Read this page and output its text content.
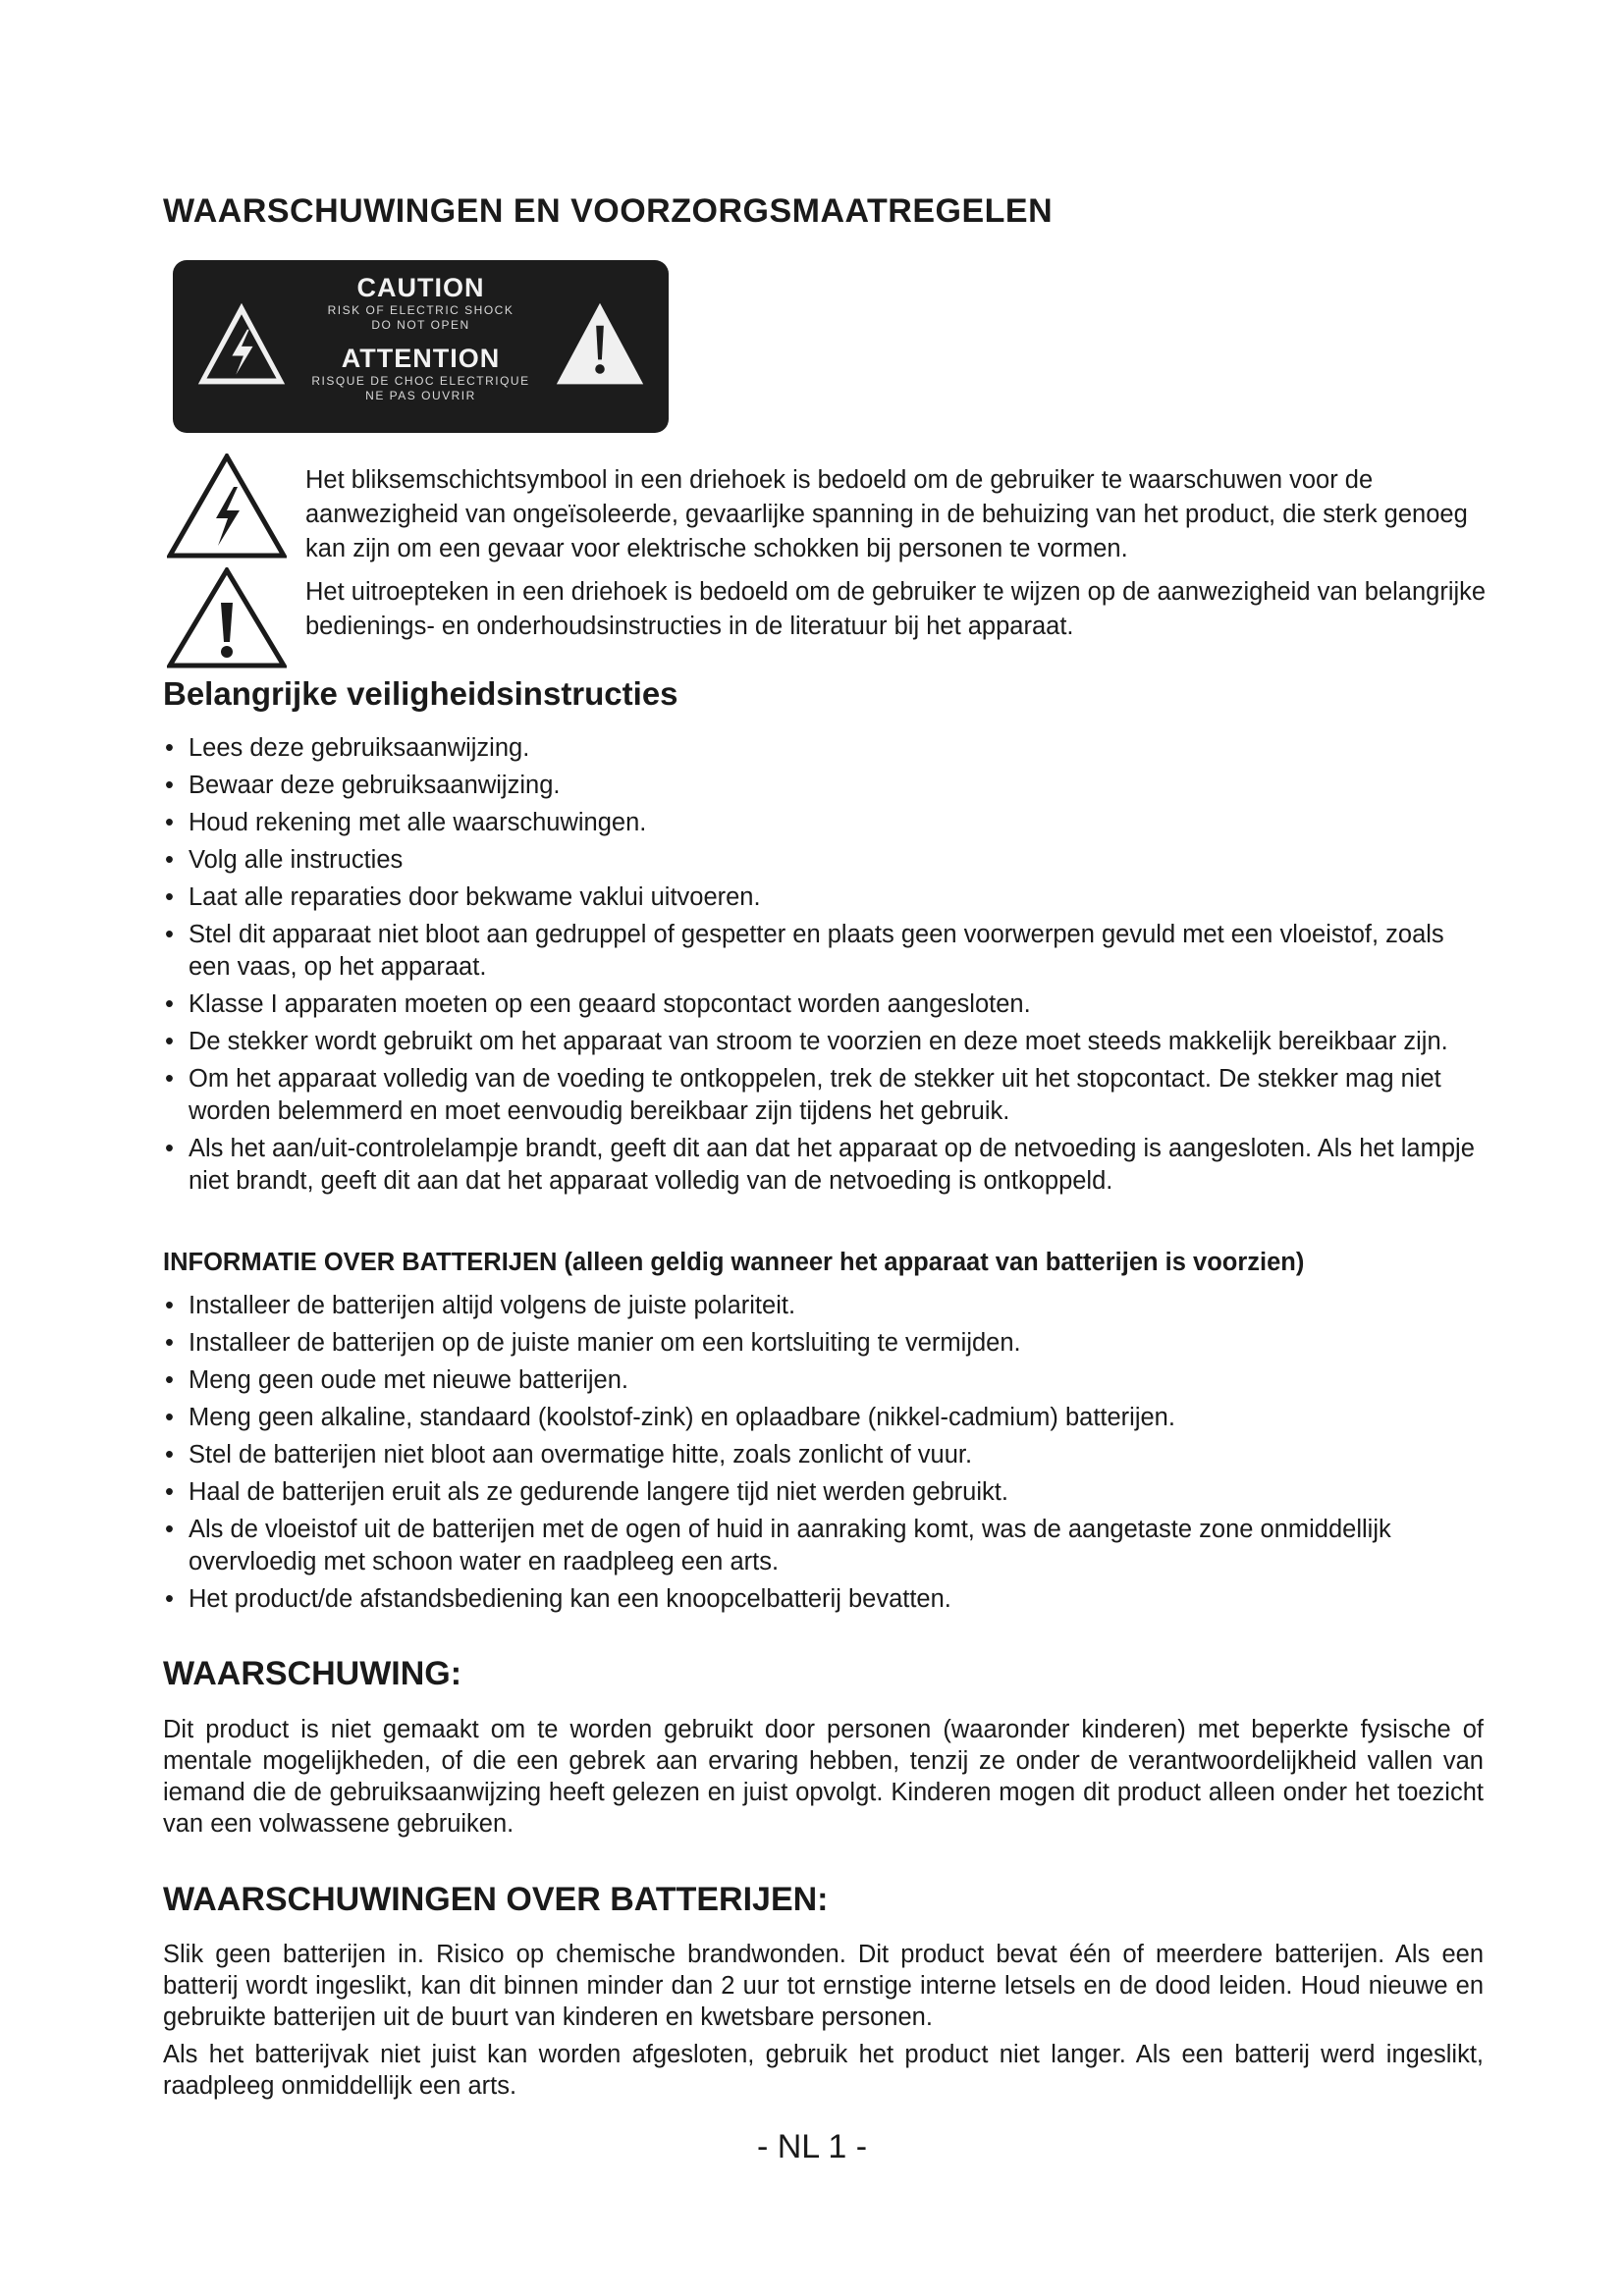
WAARSCHUWINGEN EN VOORZORGSMAATREGELEN
CAUTION
RISK OF ELECTRIC SHOCK
DO NOT OPEN
ATTENTION
RISQUE DE CHOC ELECTRIQUE
NE PAS OUVRIR
Het bliksemschichtsymbool in een driehoek is bedoeld om de gebruiker te waarschuwen voor de aanwezigheid van ongeïsoleerde, gevaarlijke spanning in de behuizing van het product, die sterk genoeg kan zijn om een gevaar voor elektrische schokken bij personen te vormen.
Het uitroepteken in een driehoek is bedoeld om de gebruiker te wijzen op de aanwezigheid van belangrijke bedienings- en onderhoudsinstructies in de literatuur bij het apparaat.
Belangrijke veiligheidsinstructies
• Lees deze gebruiksaanwijzing.
• Bewaar deze gebruiksaanwijzing.
• Houd rekening met alle waarschuwingen.
• Volg alle instructies
• Laat alle reparaties door bekwame vaklui uitvoeren.
• Stel dit apparaat niet bloot aan gedruppel of gespetter en plaats geen voorwerpen gevuld met een vloeistof, zoals een vaas, op het apparaat.
• Klasse I apparaten moeten op een geaard stopcontact worden aangesloten.
• De stekker wordt gebruikt om het apparaat van stroom te voorzien en deze moet steeds makkelijk bereikbaar zijn.
• Om het apparaat volledig van de voeding te ontkoppelen, trek de stekker uit het stopcontact. De stekker mag niet worden belemmerd en moet eenvoudig bereikbaar zijn tijdens het gebruik.
• Als het aan/uit-controlelampje brandt, geeft dit aan dat het apparaat op de netvoeding is aangesloten. Als het lampje niet brandt, geeft dit aan dat het apparaat volledig van de netvoeding is ontkoppeld.
INFORMATIE OVER BATTERIJEN (alleen geldig wanneer het apparaat van batterijen is voorzien)
• Installeer de batterijen altijd volgens de juiste polariteit.
• Installeer de batterijen op de juiste manier om een kortsluiting te vermijden.
• Meng geen oude met nieuwe batterijen.
• Meng geen alkaline, standaard (koolstof-zink) en oplaadbare (nikkel-cadmium) batterijen.
• Stel de batterijen niet bloot aan overmatige hitte, zoals zonlicht of vuur.
• Haal de batterijen eruit als ze gedurende langere tijd niet werden gebruikt.
• Als de vloeistof uit de batterijen met de ogen of huid in aanraking komt, was de aangetaste zone onmiddellijk overvloedig met schoon water en raadpleeg een arts.
• Het product/de afstandsbediening kan een knoopcelbatterij bevatten.
WAARSCHUWING:

Dit product is niet gemaakt om te worden gebruikt door personen (waaronder kinderen) met beperkte fysische of mentale mogelijkheden, of die een gebrek aan ervaring hebben, tenzij ze onder de verantwoordelijkheid vallen van iemand die de gebruiksaanwijzing heeft gelezen en juist opvolgt. Kinderen mogen dit product alleen onder het toezicht van een volwassene gebruiken.

WAARSCHUWINGEN OVER BATTERIJEN:

Slik geen batterijen in. Risico op chemische brandwonden. Dit product bevat één of meerdere batterijen. Als een batterij wordt ingeslikt, kan dit binnen minder dan 2 uur tot ernstige interne letsels en de dood leiden. Houd nieuwe en gebruikte batterijen uit de buurt van kinderen en kwetsbare personen.

Als het batterijvak niet juist kan worden afgesloten, gebruik het product niet langer. Als een batterij werd ingeslikt, raadpleeg onmiddellijk een arts.

- NL 1 -
